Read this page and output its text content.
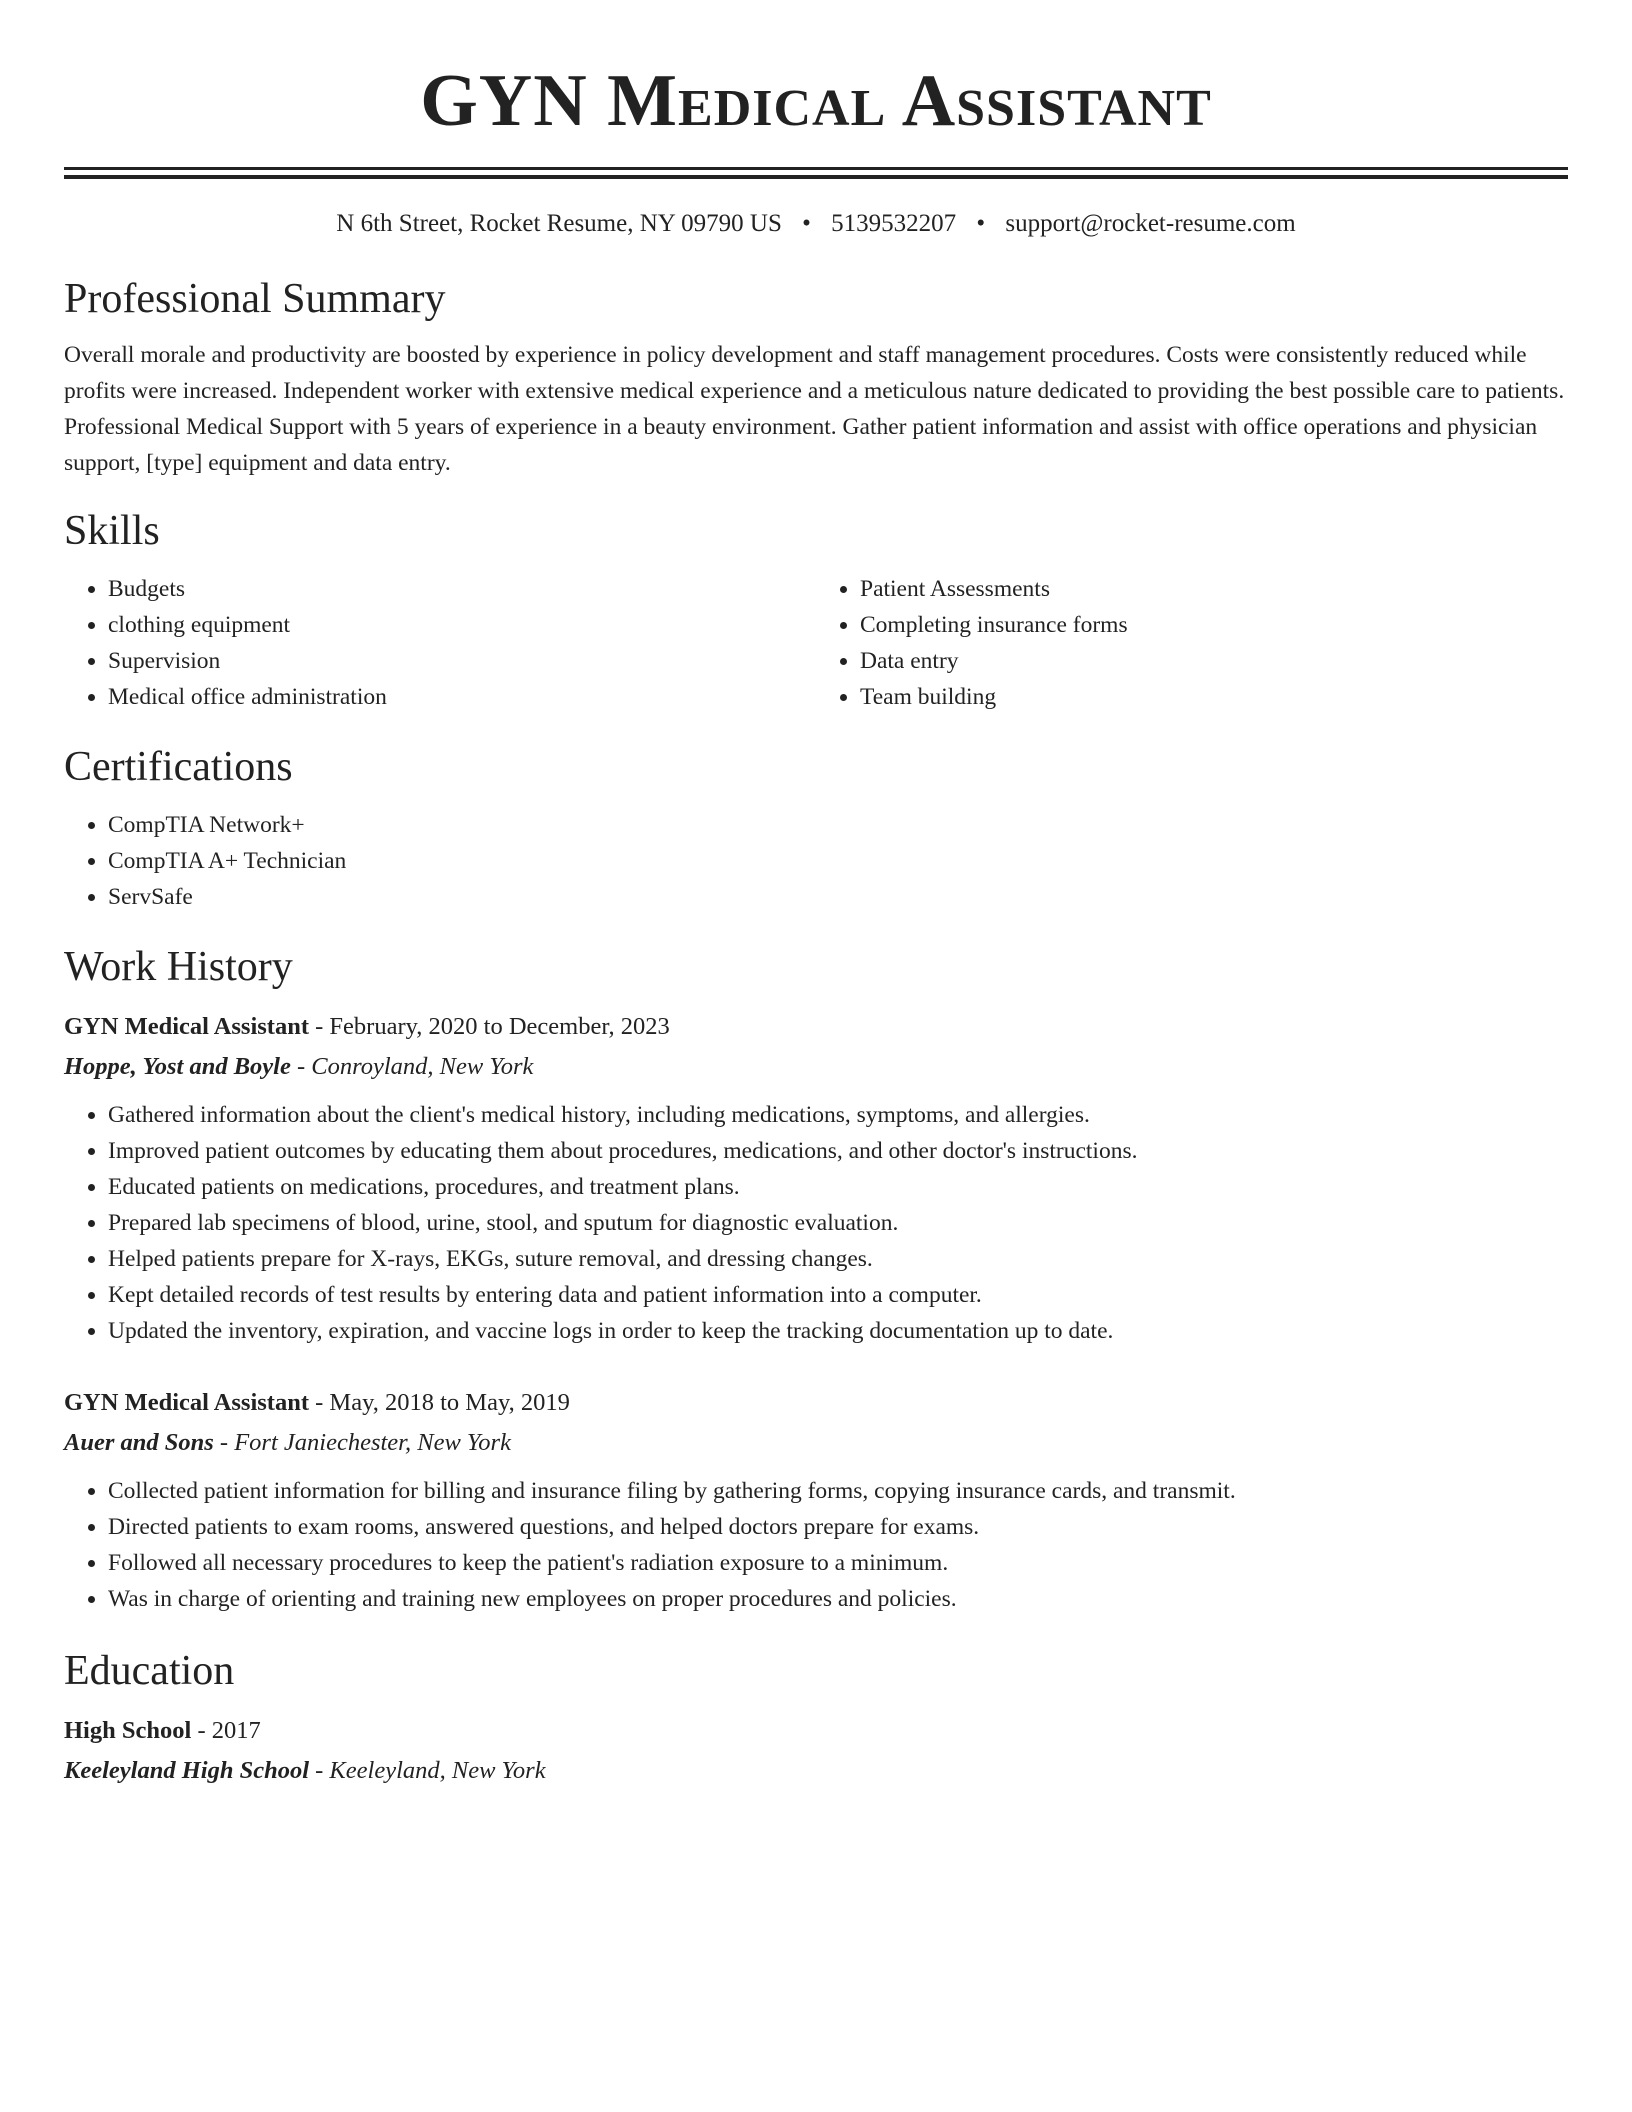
GYN Medical Assistant
N 6th Street, Rocket Resume, NY 09790 US • 5139532207 • support@rocket-resume.com
Professional Summary

Overall morale and productivity are boosted by experience in policy development and staff management procedures. Costs were consistently reduced while profits were increased. Independent worker with extensive medical experience and a meticulous nature dedicated to providing the best possible care to patients. Professional Medical Support with 5 years of experience in a beauty environment. Gather patient information and assist with office operations and physician support, [type] equipment and data entry.

Skills
• Budgets
• clothing equipment
• Supervision
• Medical office administration
• Patient Assessments
• Completing insurance forms
• Data entry
• Team building
Certifications
• CompTIA Network+
• CompTIA A+ Technician
• ServSafe
Work History
GYN Medical Assistant - February, 2020 to December, 2023
Hoppe, Yost and Boyle - Conroyland, New York
• Gathered information about the client's medical history, including medications, symptoms, and allergies.
• Improved patient outcomes by educating them about procedures, medications, and other doctor's instructions.
• Educated patients on medications, procedures, and treatment plans.
• Prepared lab specimens of blood, urine, stool, and sputum for diagnostic evaluation.
• Helped patients prepare for X-rays, EKGs, suture removal, and dressing changes.
• Kept detailed records of test results by entering data and patient information into a computer.
• Updated the inventory, expiration, and vaccine logs in order to keep the tracking documentation up to date.
GYN Medical Assistant - May, 2018 to May, 2019
Auer and Sons - Fort Janiechester, New York
• Collected patient information for billing and insurance filing by gathering forms, copying insurance cards, and transmit.
• Directed patients to exam rooms, answered questions, and helped doctors prepare for exams.
• Followed all necessary procedures to keep the patient's radiation exposure to a minimum.
• Was in charge of orienting and training new employees on proper procedures and policies.
Education
High School - 2017
Keeleyland High School - Keeleyland, New York
